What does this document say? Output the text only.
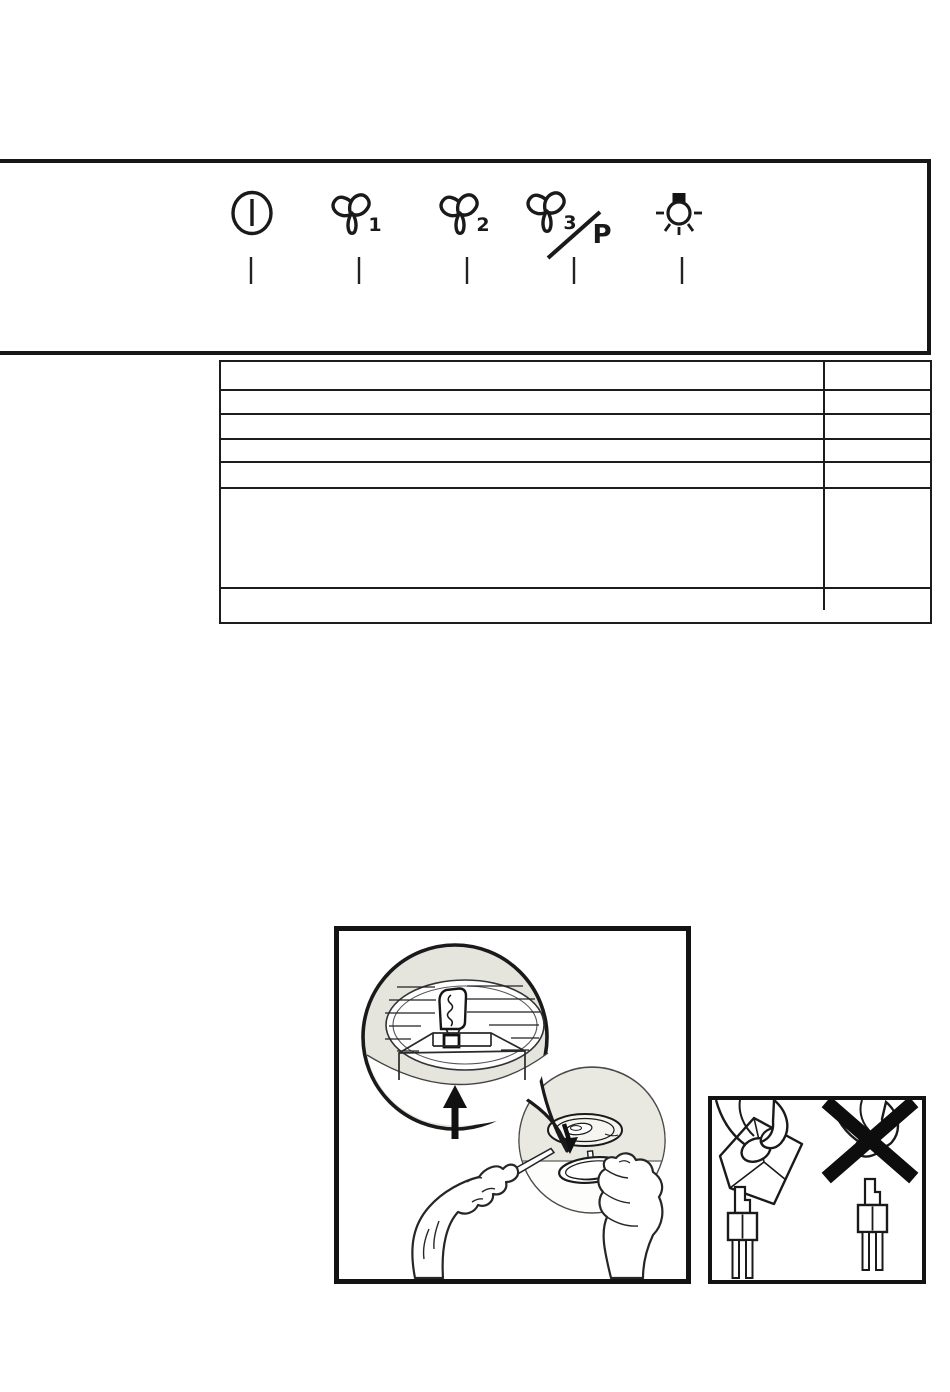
1	2	3 P
